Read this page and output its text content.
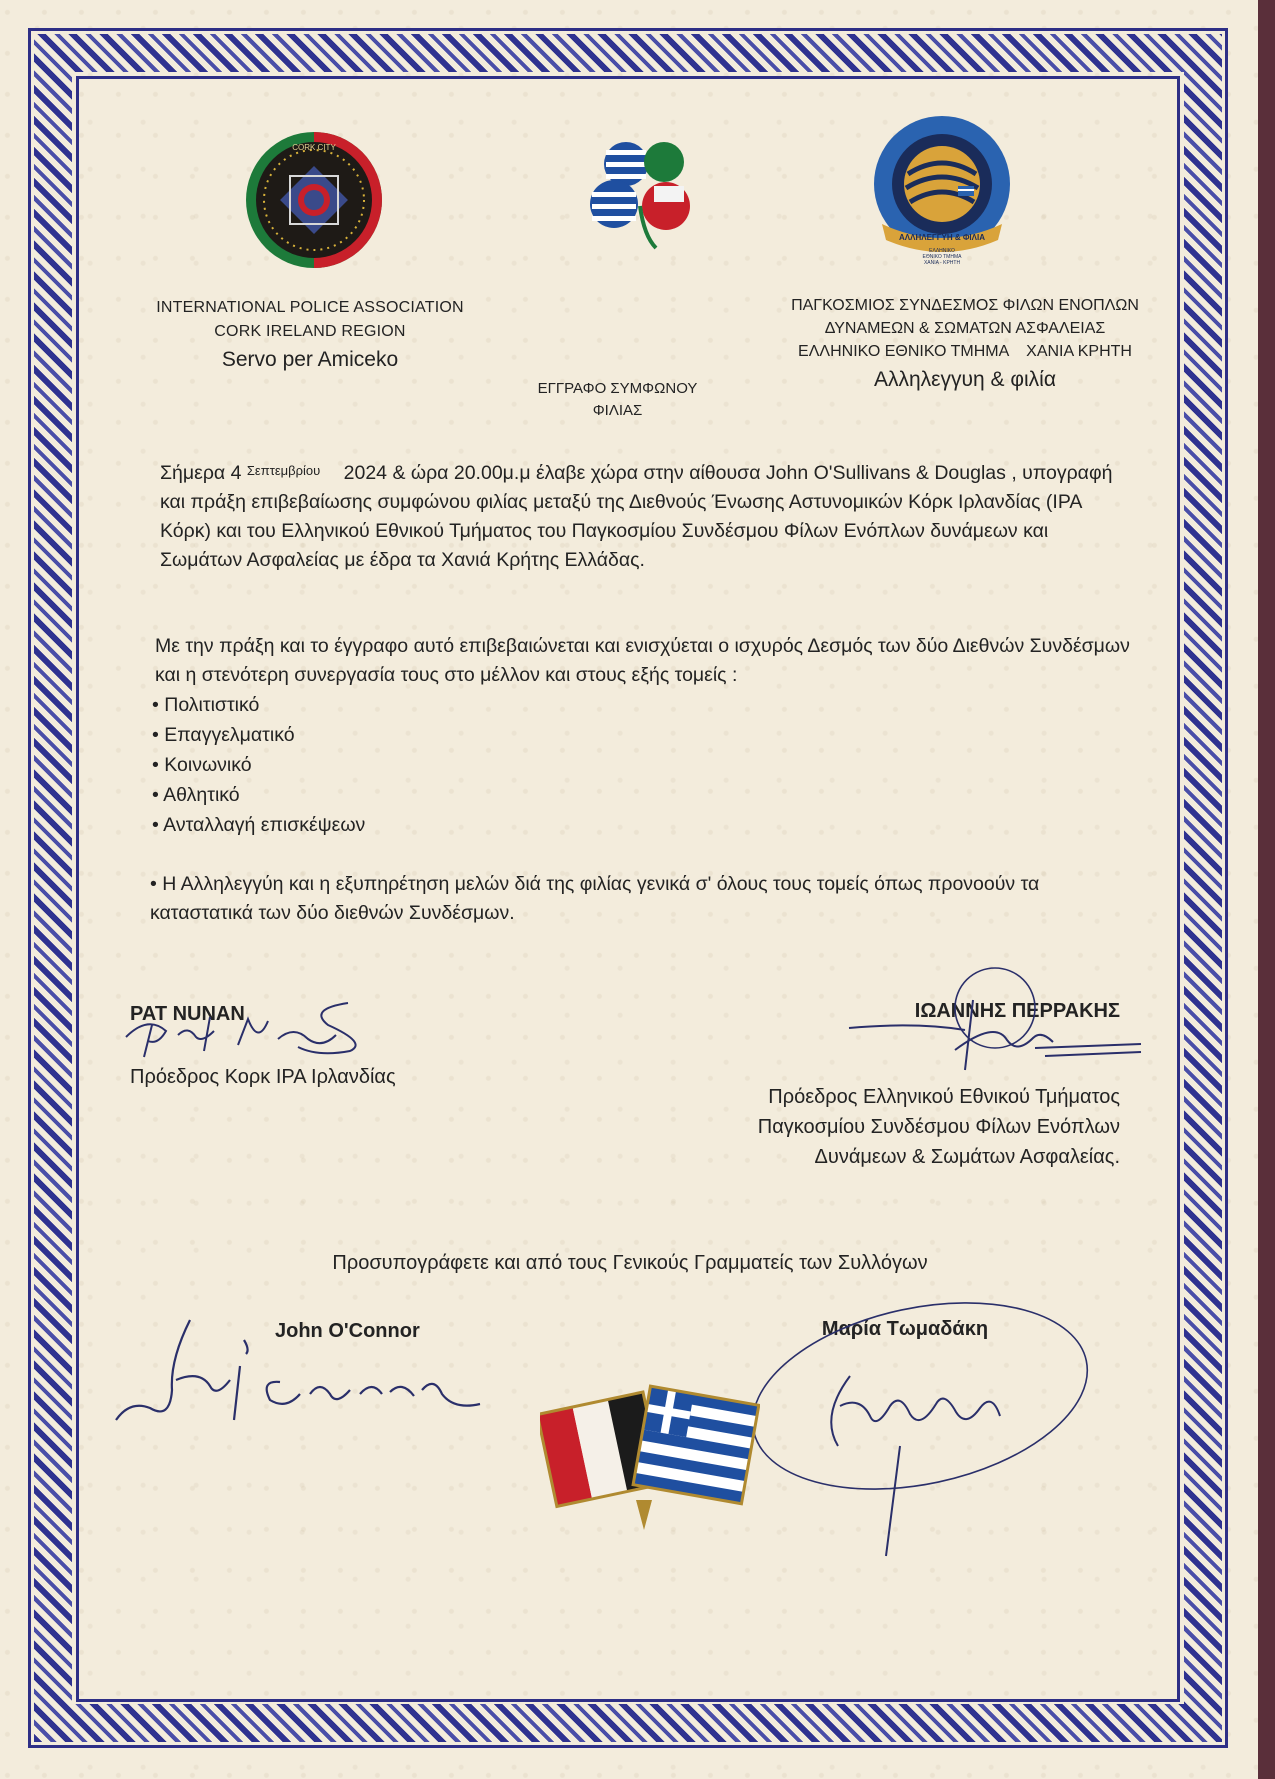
CORK CITY
ΑΛΛΗΛΕΓΓΥΗ & ΦΙΛΙΑ
ΕΛΛΗΝΙΚΟ
ΕΘΝΙΚΟ ΤΜΗΜΑ
ΧΑΝΙΑ - ΚΡΗΤΗ
INTERNATIONAL POLICE ASSOCIATION
CORK IRELAND REGION
Servo per Amiceko
ΠΑΓΚΟΣΜΙΟΣ ΣΥΝΔΕΣΜΟΣ ΦΙΛΩΝ ΕΝΟΠΛΩΝ
ΔΥΝΑΜΕΩΝ & ΣΩΜΑΤΩΝ ΑΣΦΑΛΕΙΑΣ
ΕΛΛΗΝΙΚΟ ΕΘΝΙΚΟ ΤΜΗΜΑ    ΧΑΝΙΑ ΚΡΗΤΗ
Αλληλεγγυη & φιλία
ΕΓΓΡΑΦΟ ΣΥΜΦΩΝΟΥ
ΦΙΛΙΑΣ
Σήμερα 4 $^{\Sigma\varepsilon\pi\tau\varepsilon\mu\beta\rho ίo\upsilon}$ 2024 & ώρα 20.00μ.μ έλαβε χώρα στην αίθουσα John O'Sullivans & Douglas , υπογραφή και πράξη επιβεβαίωσης συμφώνου φιλίας μεταξύ της Διεθνούς Ένωσης Αστυνομικών Κόρκ Ιρλανδίας (ΙΡΑ Κόρκ) και του Ελληνικού Εθνικού Τμήματος του Παγκοσμίου Συνδέσμου Φίλων Ενόπλων δυνάμεων και Σωμάτων Ασφαλείας με έδρα τα Χανιά Κρήτης Ελλάδας.
Με την πράξη και το έγγραφο αυτό επιβεβαιώνεται και ενισχύεται ο ισχυρός Δεσμός των δύο Διεθνών Συνδέσμων και η στενότερη συνεργασία τους στο μέλλον και στους εξής τομείς :
• Πολιτιστικό
• Επαγγελματικό
• Κοινωνικό
• Αθλητικό
• Ανταλλαγή επισκέψεων
• Η Αλληλεγγύη και η εξυπηρέτηση μελών διά της φιλίας γενικά σ' όλους τους τομείς όπως προνοούν τα καταστατικά των δύο διεθνών Συνδέσμων.
PAT NUNAN
Πρόεδρος Κορκ IPA Ιρλανδίας
ΙΩΑΝΝΗΣ ΠΕΡΡΑΚΗΣ
Πρόεδρος Ελληνικού Εθνικού Τμήματος
Παγκοσμίου Συνδέσμου Φίλων Ενόπλων
Δυνάμεων & Σωμάτων Ασφαλείας.
Προσυπογράφετε και από τους Γενικούς Γραμματείς των Συλλόγων
John O'Connor	Μαρία Τωμαδάκη
